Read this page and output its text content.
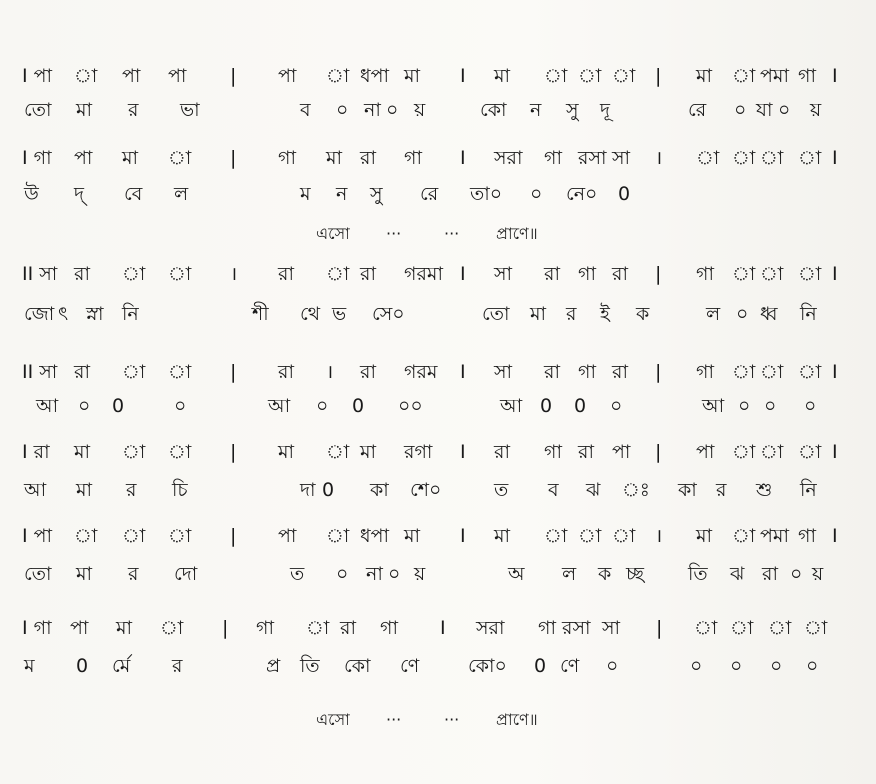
I পা া পা পা | পা া ধপা মা I মা া া া | মা া পমা গা I
তো মা র ভা	ব ০ না ০ য়	কো ন সু দূ	রে ০ যা ০ য়
I গা পা মা া | গা মা রা গা I সরা গা রসা সা । া া া া I
উ দ্ বে ল	ম ন সু রে তা০ ০ নে০ 0
II সা রা া া । রা া রা গরমা I সা রা গা রা | গা া া া I
জো ৎ স্না নি	শী থে ভ সে০	তো মা র ই ক	ল ০ ধ্ব নি
II সা রা া া | রা । রা গরম I সা রা গা রা | গা া া া I
আ ০ 0	০	আ ০ 0 ০০	আ 0 0 ০	আ ০ ০ ০
I রা মা া া | মা া মা রগা I রা গা রা পা | পা া া া I
আ মা র চি	দা 0 কা শে০	ত ব ঝ ঃ কা র শু নি
I পা া া া | পা া ধপা মা I মা া া া । মা া পমা গা I
তো মা র দো	ত ০ না ০ য়	অ ল ক চ্ছ তি ঝ রা ০ য়
I গা পা মা া | গা া রা গা I সরা গা রসা সা | া া া া
ম 0 র্মে র	প্র তি কো ণে	কো০ 0 ণে ০	০ ০ ০ ০
এসো ···	··· প্রাণে॥
এসো ···	··· প্রাণে॥
